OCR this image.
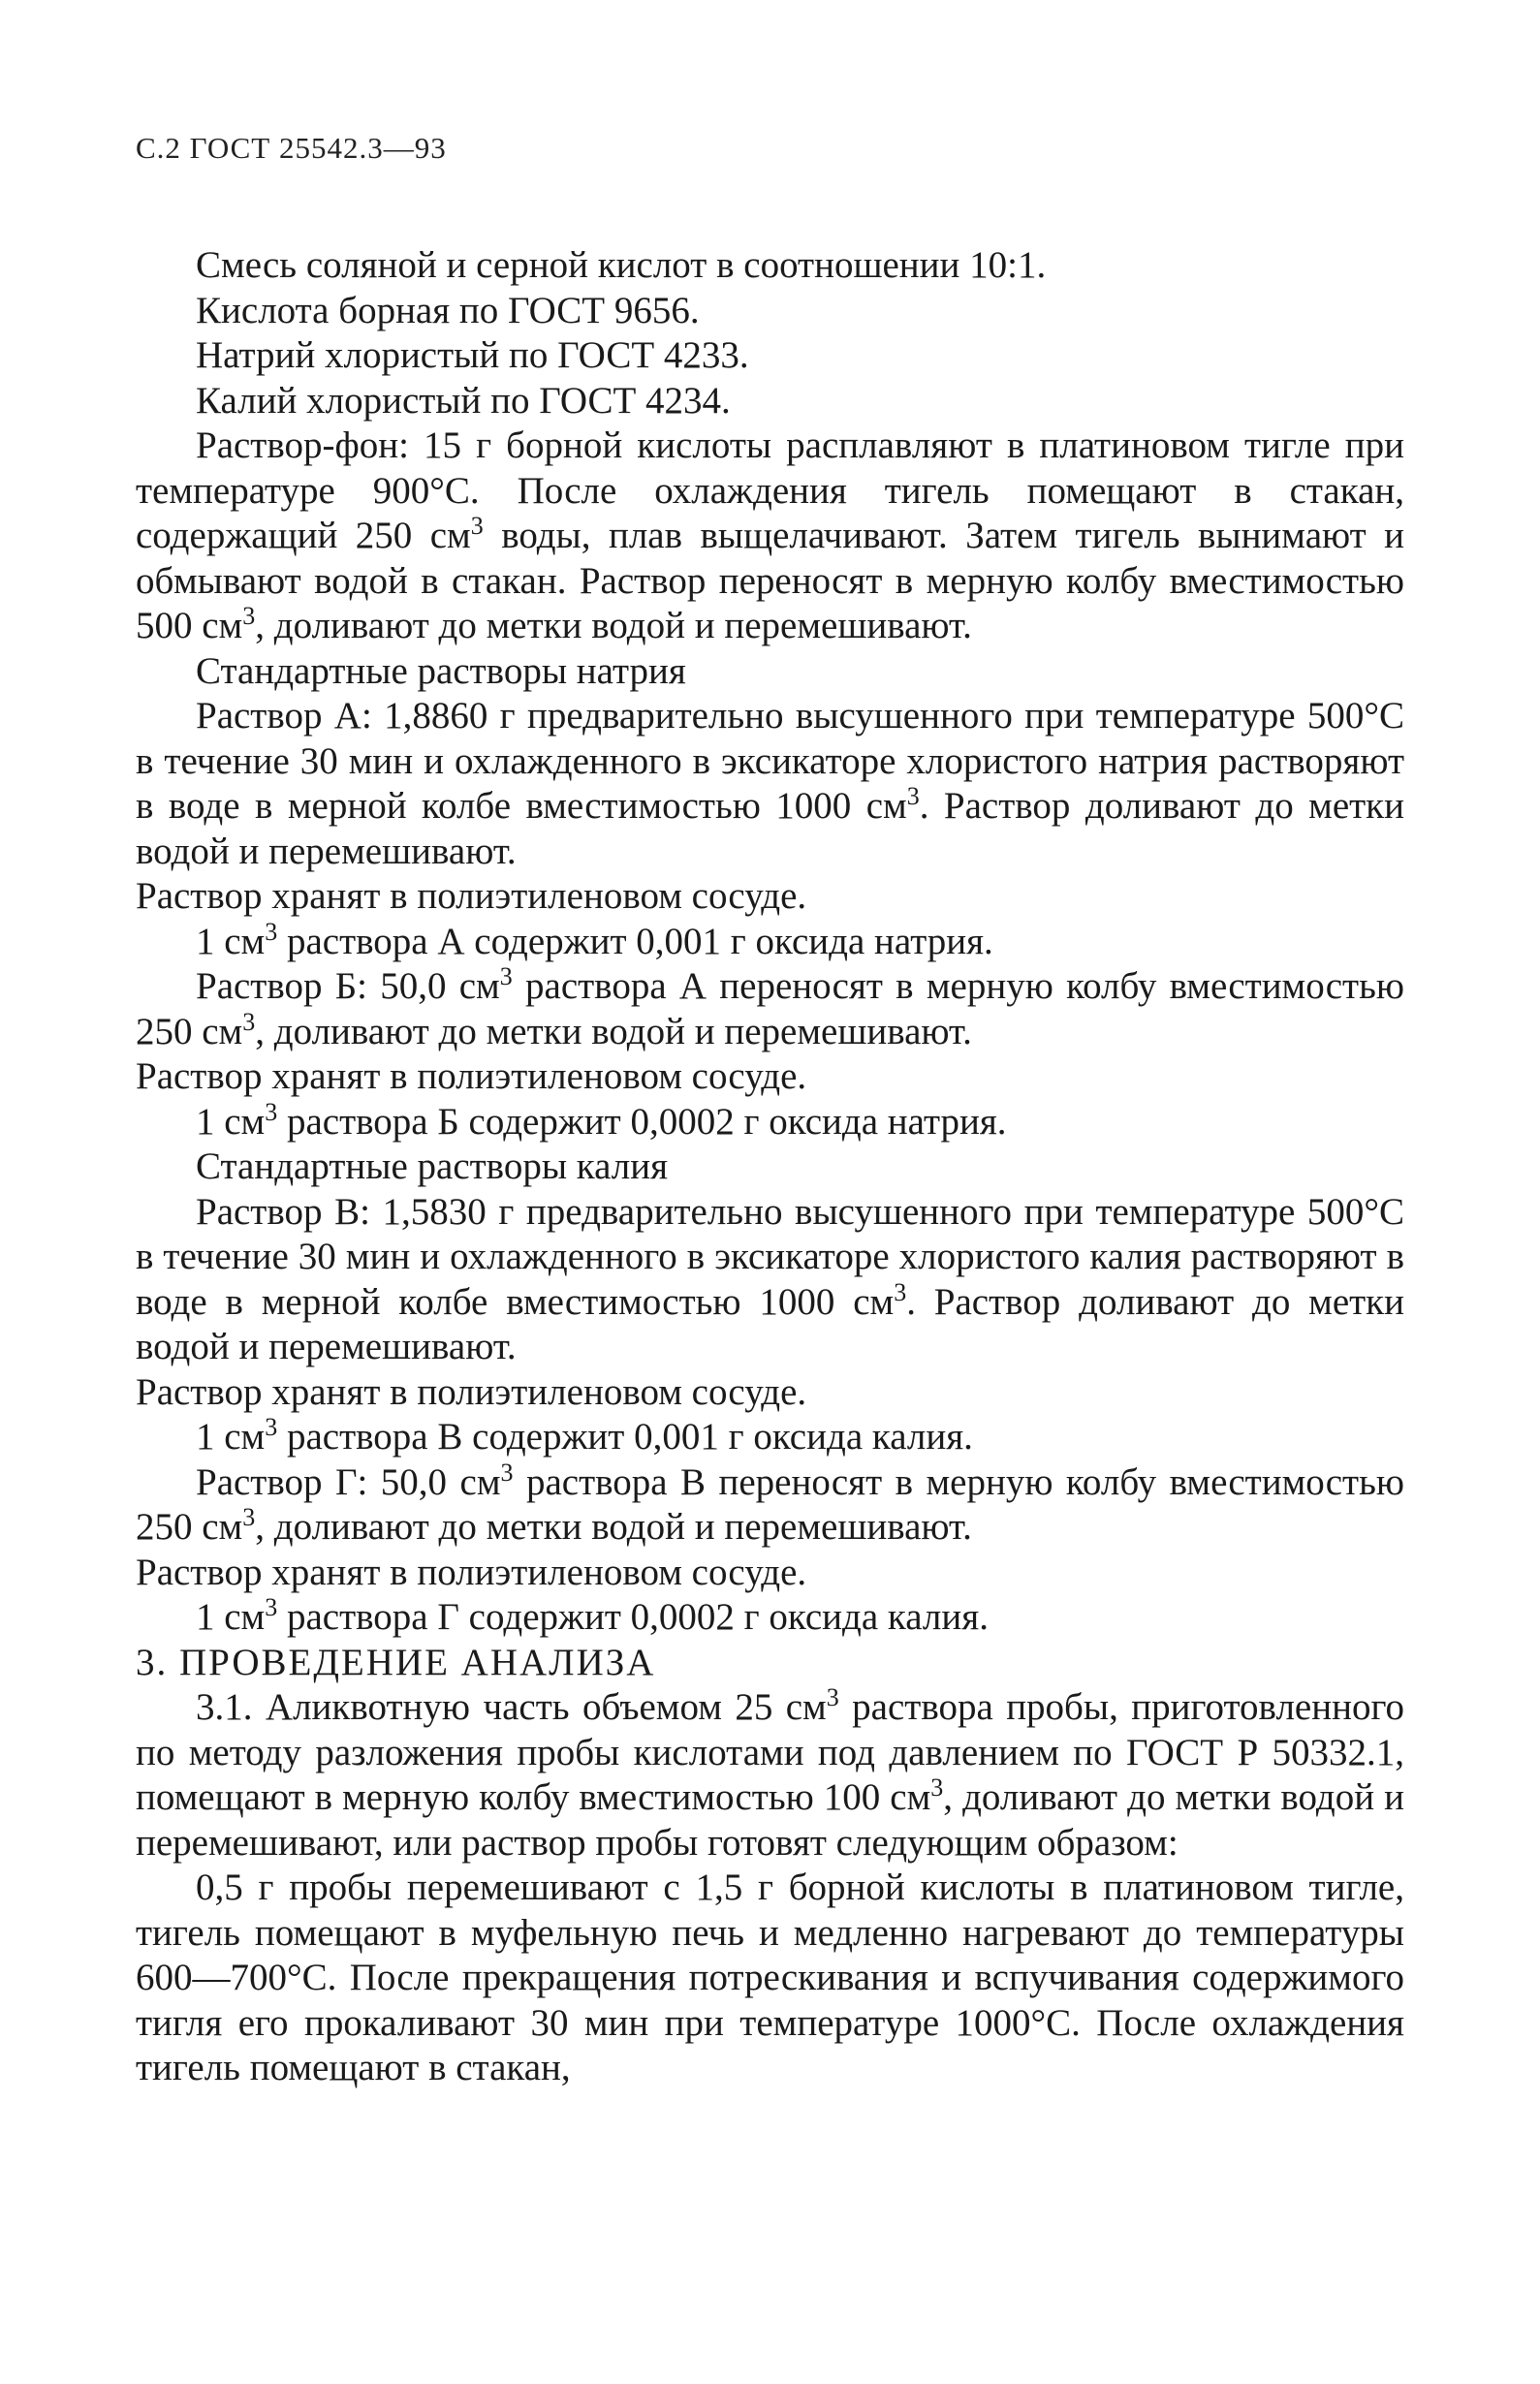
С.2 ГОСТ 25542.3—93

Смесь соляной и серной кислот в соотношении 10:1.

Кислота борная по ГОСТ 9656.

Натрий хлористый по ГОСТ 4233.

Калий хлористый по ГОСТ 4234.

Раствор-фон: 15 г борной кислоты расплавляют в платиновом тигле при температуре 900°С. После охлаждения тигель помещают в стакан, содержащий 250 $см^3$ воды, плав выщелачивают. Затем тигель вынимают и обмывают водой в стакан. Раствор переносят в мерную колбу вместимостью 500 $см^3$, доливают до метки водой и перемешивают.

Стандартные растворы натрия

Раствор А: 1,8860 г предварительно высушенного при температуре 500°С в течение 30 мин и охлажденного в эксикаторе хлористого натрия растворяют в воде в мерной колбе вместимостью 1000 $см^3$. Раствор доливают до метки водой и перемешивают.

Раствор хранят в полиэтиленовом сосуде.

1 $см^3$ раствора А содержит 0,001 г оксида натрия.

Раствор Б: 50,0 $см^3$ раствора А переносят в мерную колбу вместимостью 250 $см^3$, доливают до метки водой и перемешивают.

Раствор хранят в полиэтиленовом сосуде.

1 $см^3$ раствора Б содержит 0,0002 г оксида натрия.

Стандартные растворы калия

Раствор В: 1,5830 г предварительно высушенного при температуре 500°С в течение 30 мин и охлажденного в эксикаторе хлористого калия растворяют в воде в мерной колбе вместимостью 1000 $см^3$. Раствор доливают до метки водой и перемешивают.

Раствор хранят в полиэтиленовом сосуде.

1 $см^3$ раствора В содержит 0,001 г оксида калия.

Раствор Г: 50,0 $см^3$ раствора В переносят в мерную колбу вместимостью 250 $см^3$, доливают до метки водой и перемешивают.

Раствор хранят в полиэтиленовом сосуде.

1 $см^3$ раствора Г содержит 0,0002 г оксида калия.

3. ПРОВЕДЕНИЕ АНАЛИЗА

3.1. Аликвотную часть объемом 25 $см^3$ раствора пробы, приготовленного по методу разложения пробы кислотами под давлением по ГОСТ Р 50332.1, помещают в мерную колбу вместимостью 100 $см^3$, доливают до метки водой и перемешивают, или раствор пробы готовят следующим образом:

0,5 г пробы перемешивают с 1,5 г борной кислоты в платиновом тигле, тигель помещают в муфельную печь и медленно нагревают до температуры 600—700°С. После прекращения потрескивания и вспучивания содержимого тигля его прокаливают 30 мин при температуре 1000°С. После охлаждения тигель помещают в стакан,
